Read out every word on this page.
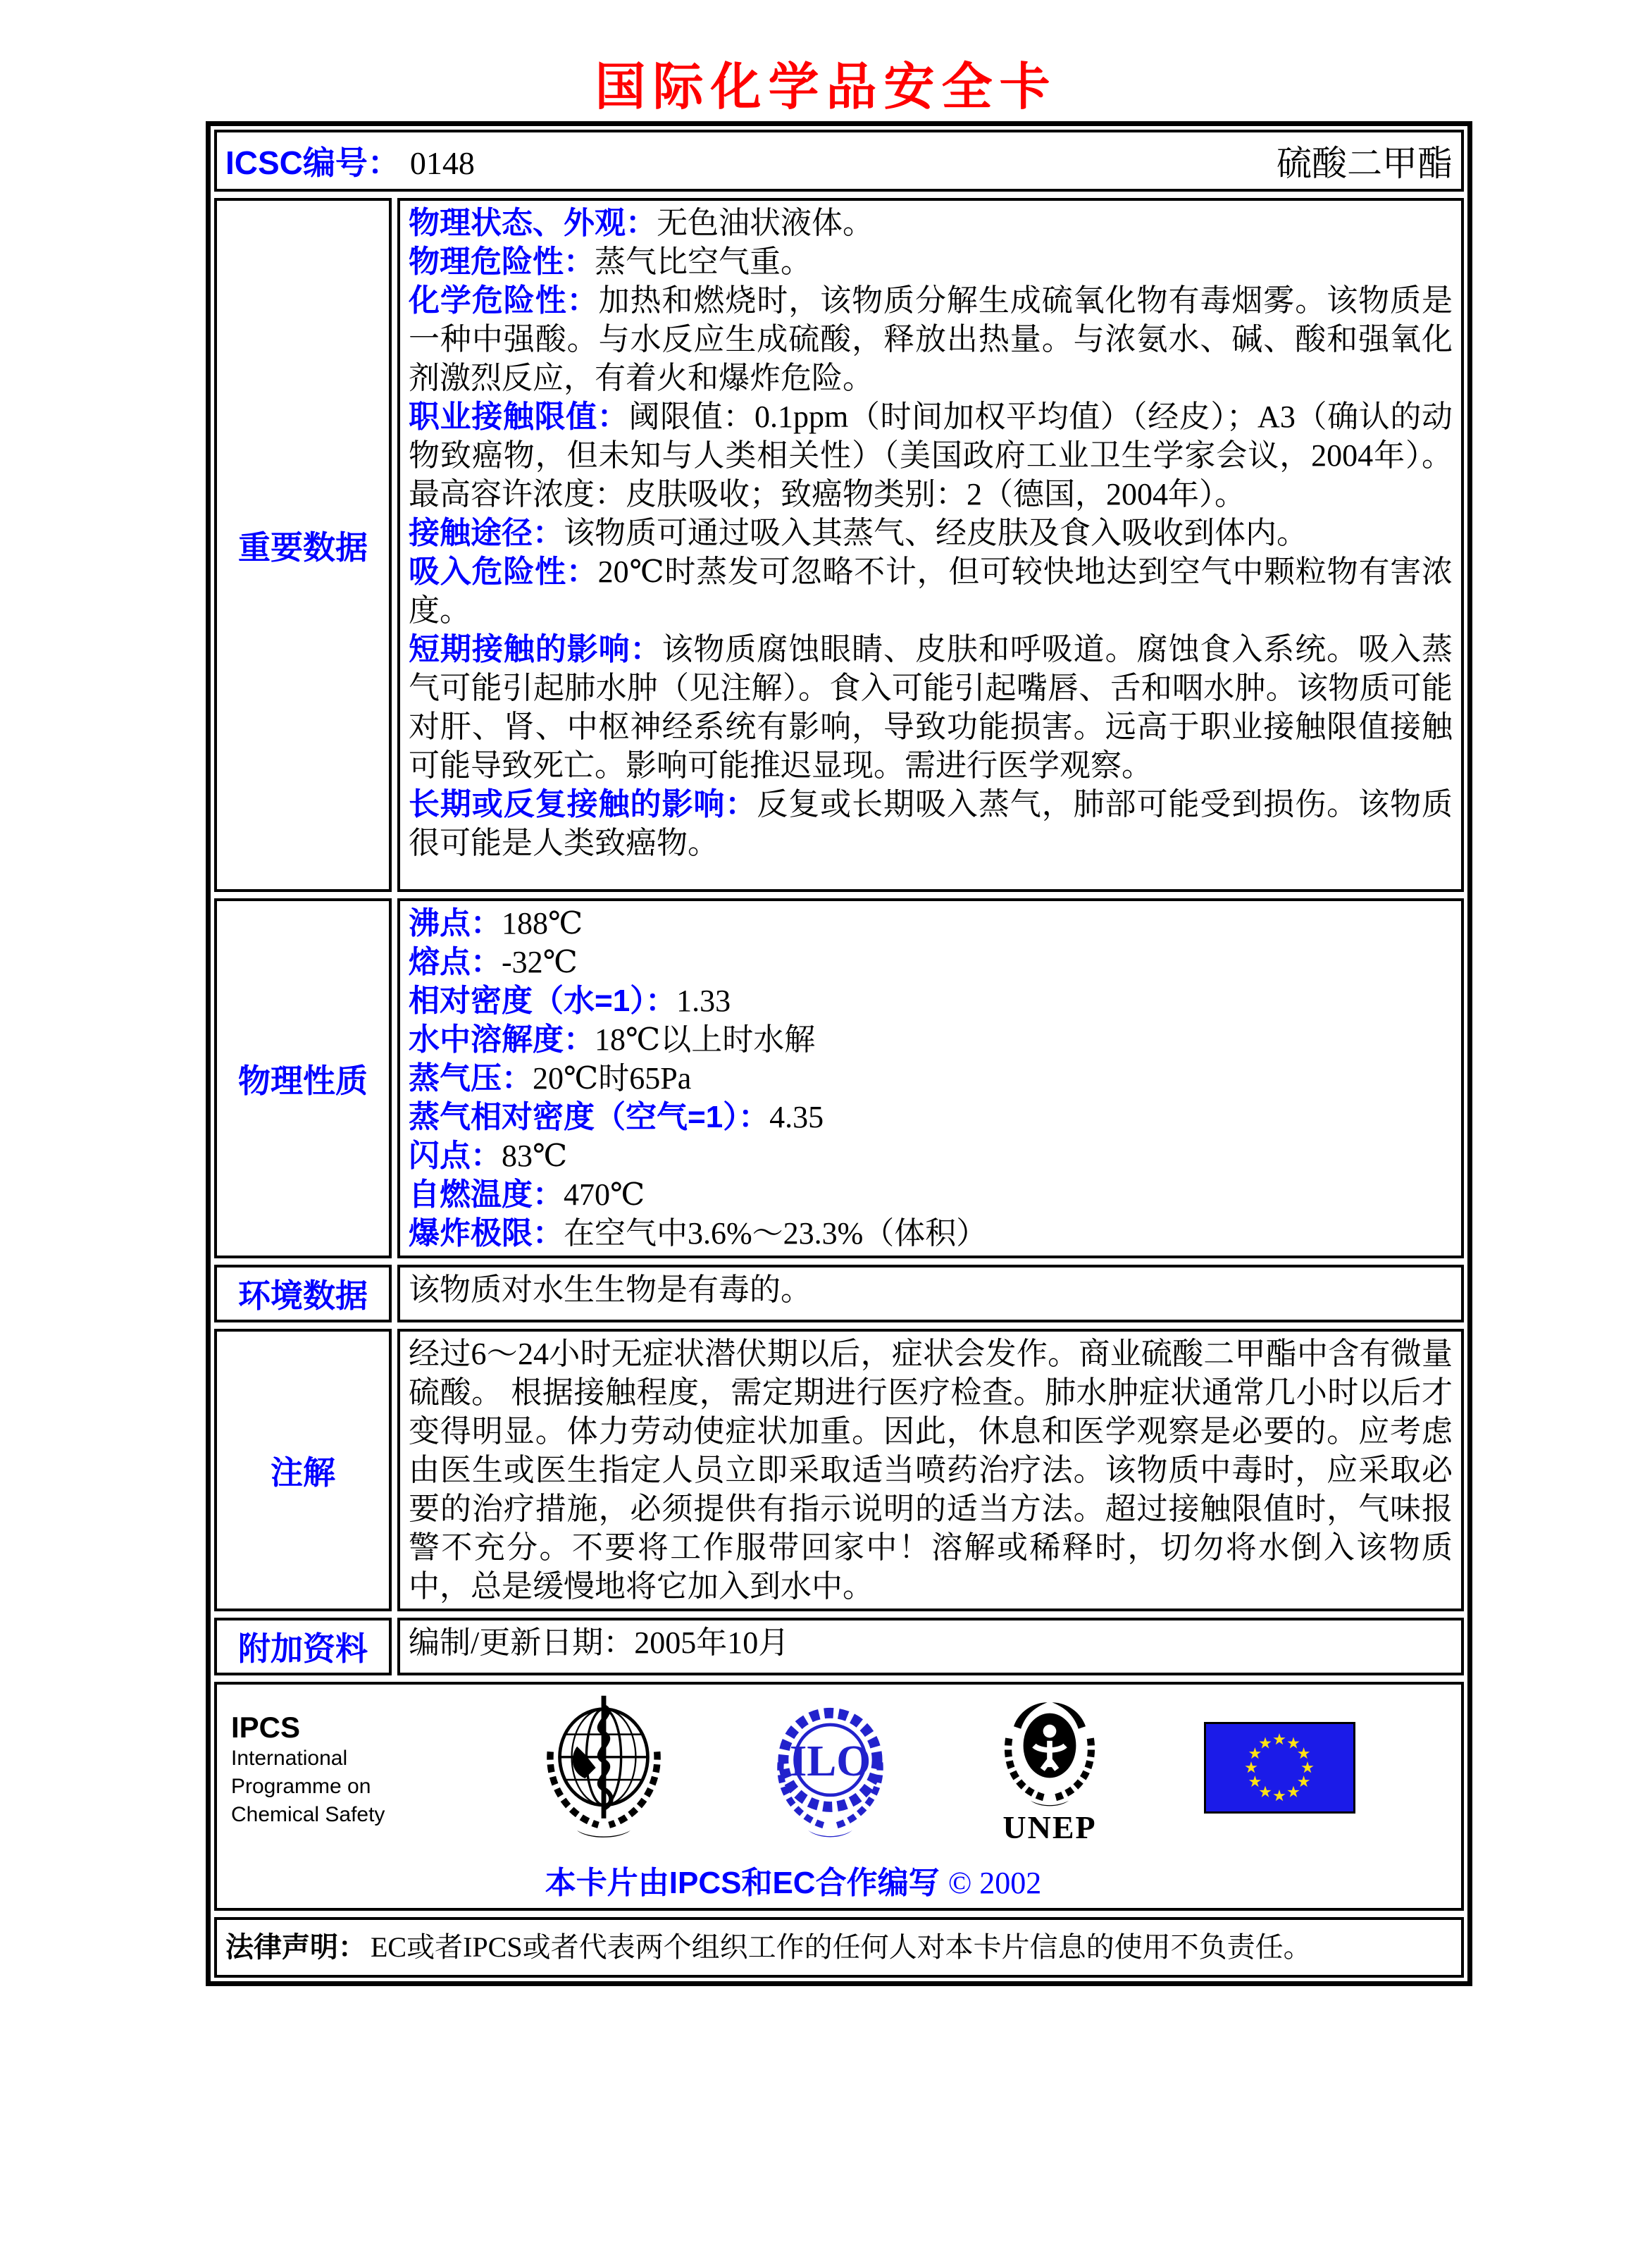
国际化学品安全卡
ICSC编号： 0148	硫酸二甲酯
重要数据

物理状态、外观：无色油状液体。

物理危险性：蒸气比空气重。

化学危险性：加热和燃烧时，该物质分解生成硫氧化物有毒烟雾。该物质是一种中强酸。与水反应生成硫酸，释放出热量。与浓氨水、碱、酸和强氧化剂激烈反应，有着火和爆炸危险。

职业接触限值：阈限值：0.1ppm（时间加权平均值）（经皮）；A3（确认的动物致癌物，但未知与人类相关性）（美国政府工业卫生学家会议，2004年）。最高容许浓度：皮肤吸收；致癌物类别：2（德国，2004年）。

接触途径：该物质可通过吸入其蒸气、经皮肤及食入吸收到体内。

吸入危险性：20℃时蒸发可忽略不计，但可较快地达到空气中颗粒物有害浓度。

短期接触的影响：该物质腐蚀眼睛、皮肤和呼吸道。腐蚀食入系统。吸入蒸气可能引起肺水肿（见注解）。食入可能引起嘴唇、舌和咽水肿。该物质可能对肝、肾、中枢神经系统有影响，导致功能损害。远高于职业接触限值接触可能导致死亡。影响可能推迟显现。需进行医学观察。

长期或反复接触的影响：反复或长期吸入蒸气，肺部可能受到损伤。该物质很可能是人类致癌物。

物理性质

沸点：188℃

熔点：-32℃

相对密度（水=1）：1.33

水中溶解度：18℃以上时水解

蒸气压：20℃时65Pa

蒸气相对密度（空气=1）：4.35

闪点：83℃

自燃温度：470℃

爆炸极限：在空气中3.6%～23.3%（体积）

环境数据 该物质对水生生物是有毒的。

注解

经过6～24小时无症状潜伏期以后，症状会发作。商业硫酸二甲酯中含有微量硫酸。 根据接触程度，需定期进行医疗检查。肺水肿症状通常几小时以后才变得明显。体力劳动使症状加重。因此，休息和医学观察是必要的。应考虑由医生或医生指定人员立即采取适当喷药治疗法。该物质中毒时，应采取必要的治疗措施，必须提供有指示说明的适当方法。超过接触限值时，气味报警不充分。不要将工作服带回家中！溶解或稀释时，切勿将水倒入该物质中，总是缓慢地将它加入到水中。

附加资料 编制/更新日期：2005年10月

IPCS
International
Programme on
Chemical Safety
ILO
UNEP
本卡片由IPCS和EC合作编写 © 2002

法律声明： EC或者IPCS或者代表两个组织工作的任何人对本卡片信息的使用不负责任。
